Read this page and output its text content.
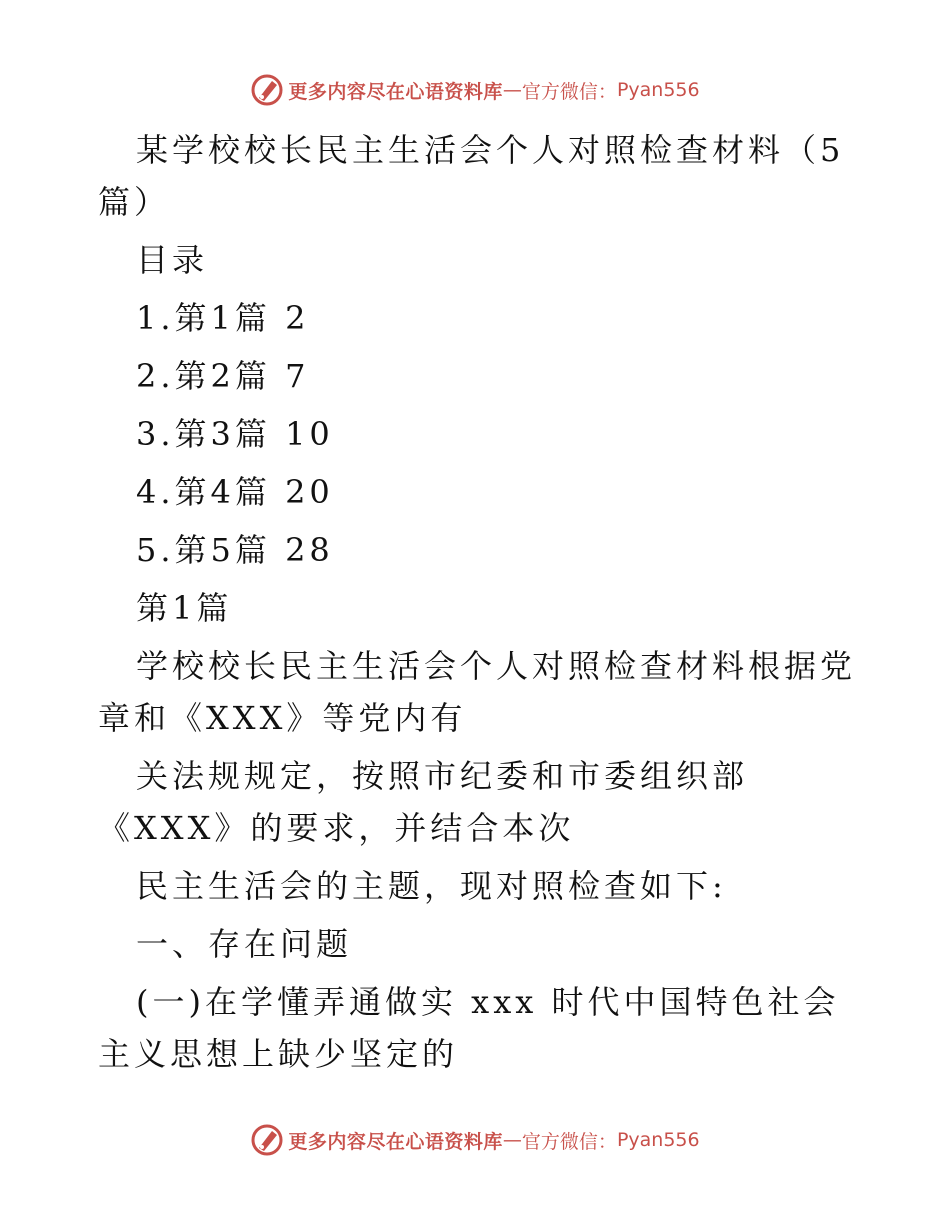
更多内容尽在心语资料库 — 官方微信： Pyan556

某学校校长民主生活会个人对照检查材料（5篇）

目录

1.第1篇 2

2.第2篇 7

3.第3篇 10

4.第4篇 20

5.第5篇 28

第1篇

学校校长民主生活会个人对照检查材料根据党章和《XXX》等党内有

关法规规定，按照市纪委和市委组织部《XXX》的要求，并结合本次

民主生活会的主题，现对照检查如下:

一、存在问题

(一)在学懂弄通做实 xxx 时代中国特色社会主义思想上缺少坚定的

更多内容尽在心语资料库 — 官方微信： Pyan556
